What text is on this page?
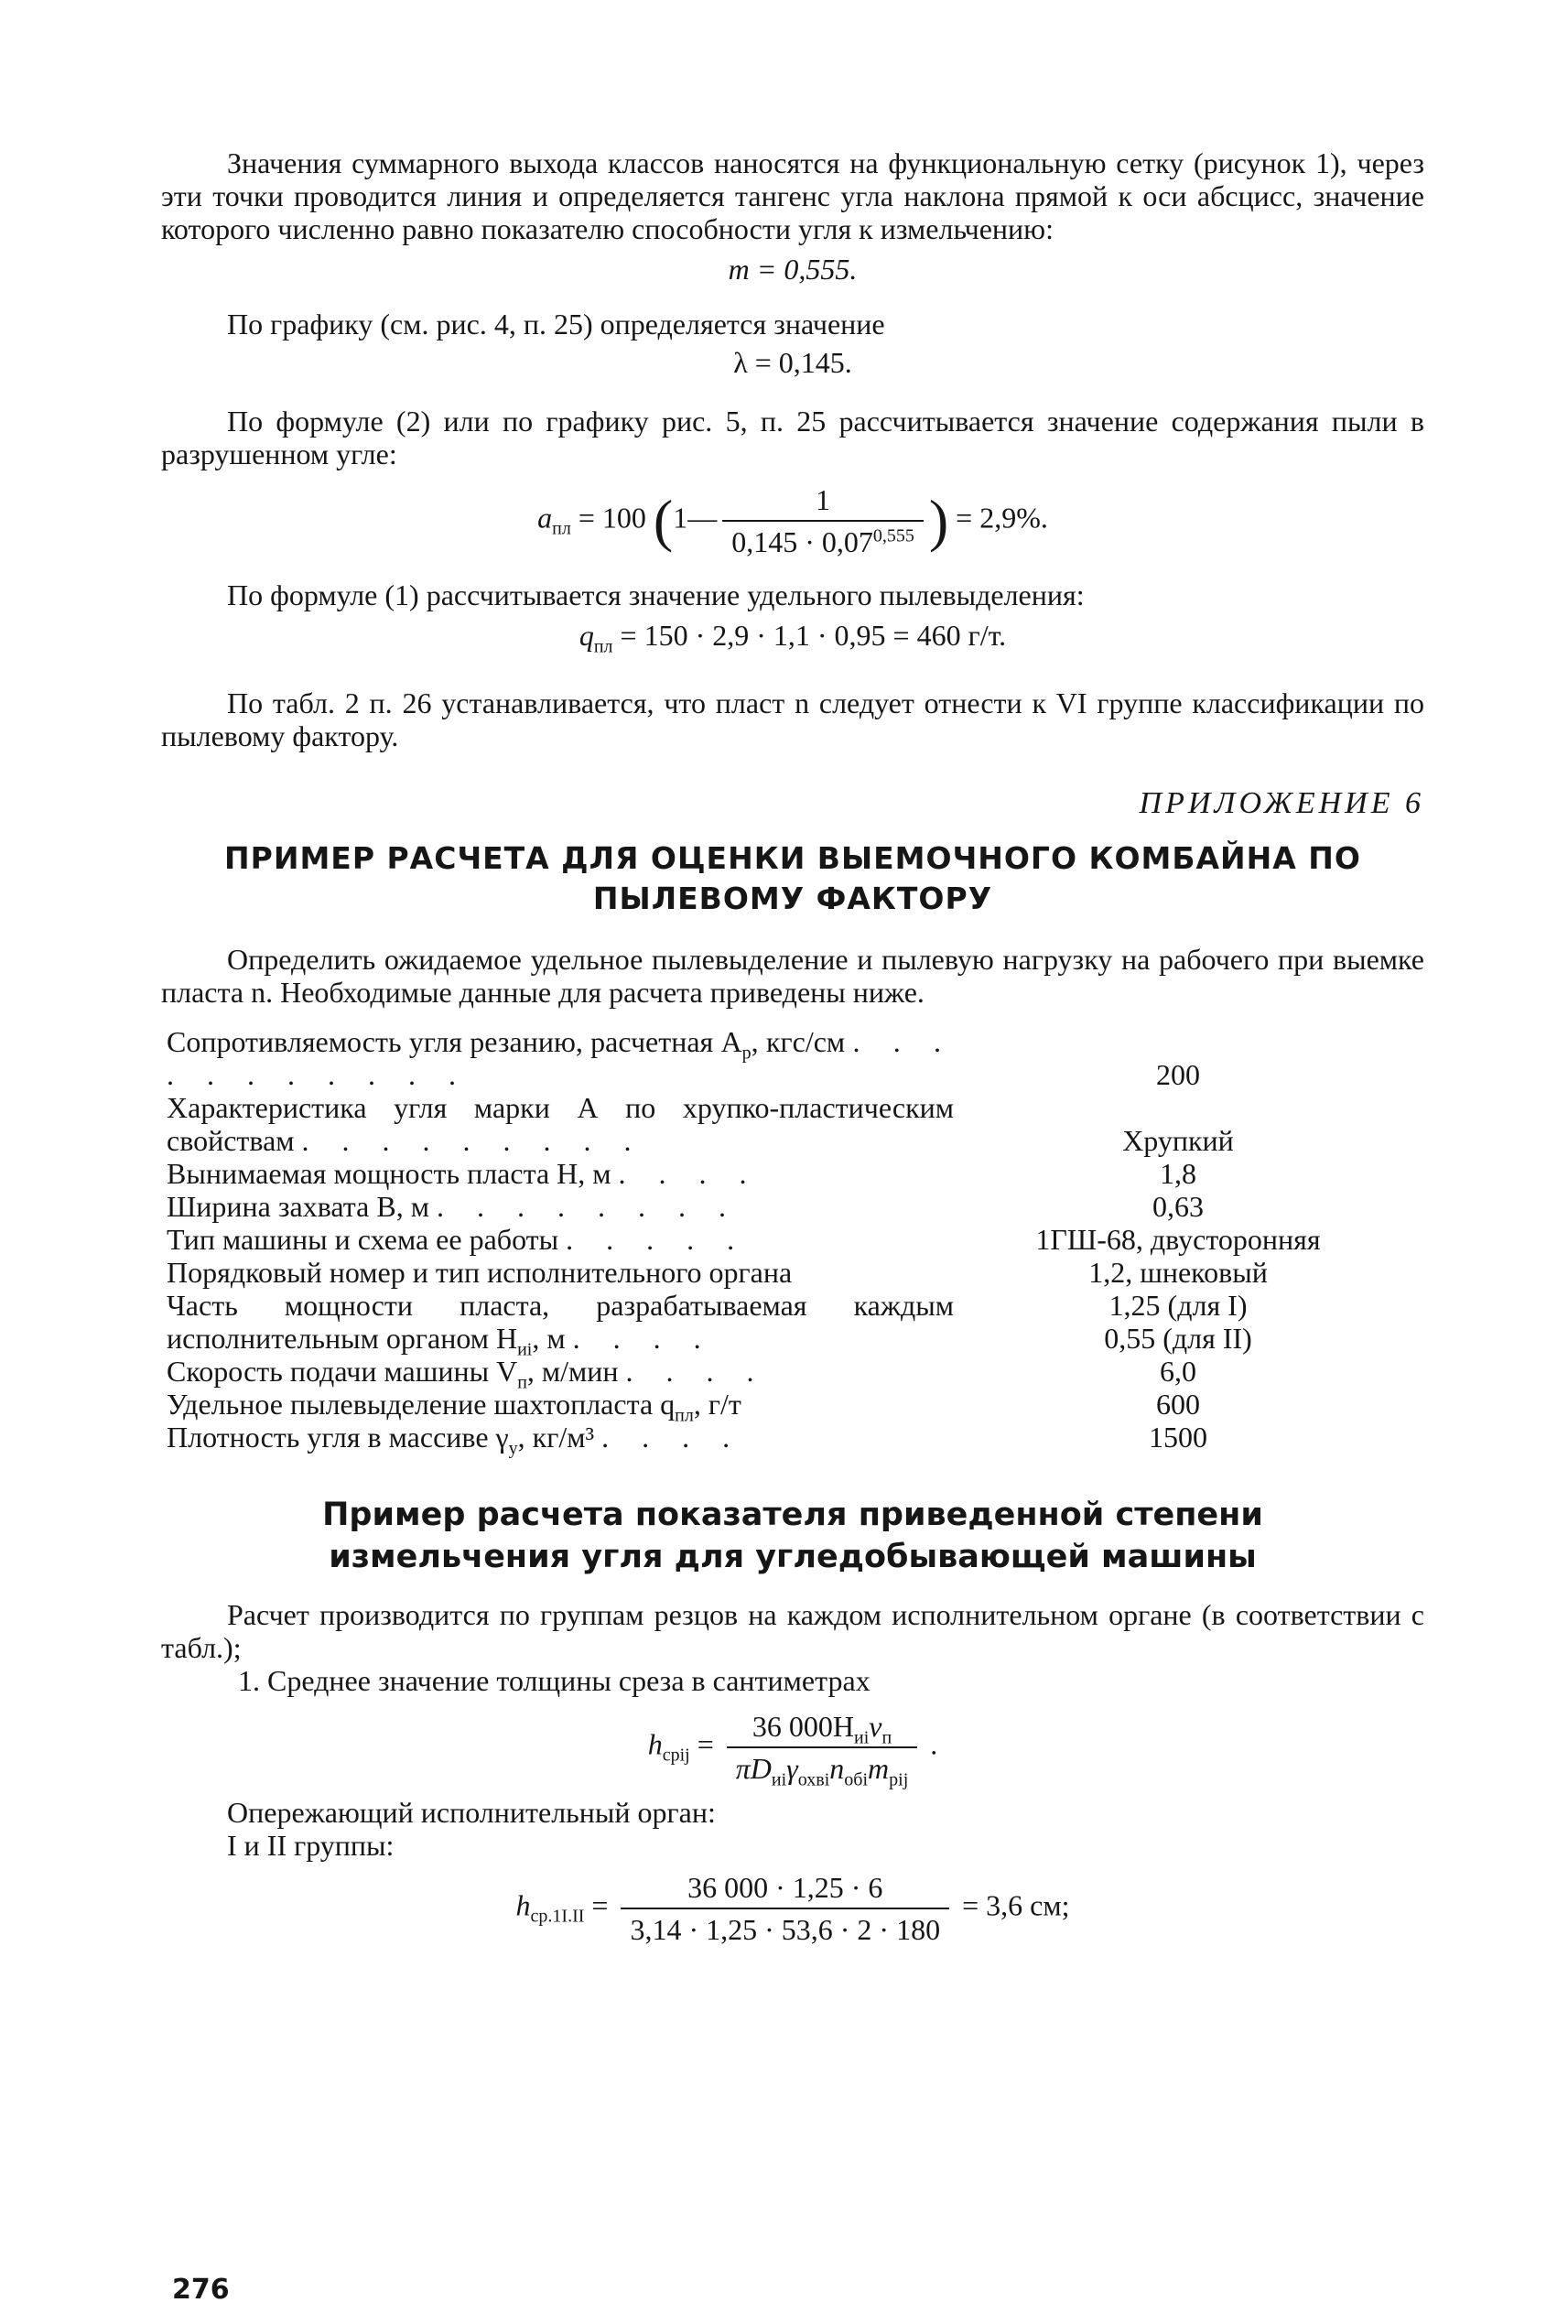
Значения суммарного выхода классов наносятся на функциональную сетку (рисунок 1), через эти точки проводится линия и определяется тангенс угла наклона прямой к оси абсцисс, значение которого численно равно показателю способности угля к измельчению:

m = 0,555.

По графику (см. рис. 4, п. 25) определяется значение

λ = 0,145.

По формуле (2) или по графику рис. 5, п. 25 рассчитывается значение содержания пыли в разрушенном угле:

$a_{пл} = 100$ (1— $\frac{1}{0,145 \cdot 0,07^{0,555}}$ ) = 2,9%.

По формуле (1) рассчитывается значение удельного пылевыделения:

$q_{пл} = 150 \cdot 2,9 \cdot 1,1 \cdot 0,95 = 460$ г/т.

По табл. 2 п. 26 устанавливается, что пласт n следует отнести к VI группе классификации по пылевому фактору.

ПРИЛОЖЕНИЕ 6
ПРИМЕР РАСЧЕТА ДЛЯ ОЦЕНКИ ВЫЕМОЧНОГО КОМБАЙНА ПО
ПЫЛЕВОМУ ФАКТОРУ

Определить ожидаемое удельное пылевыделение и пылевую нагрузку на рабочего при выемке пласта n. Необходимые данные для расчета приведены ниже.

Сопротивляемость угля резанию, расчетная $A_р$, кгс/см . . . . . . . . . . .	200
Характеристика угля марки А по хрупко-пластическим свойствам . . . . . . . . .	Хрупкий
Вынимаемая мощность пласта H, м . . . .	1,8
Ширина захвата B, м . . . . . . . .	0,63
Тип машины и схема ее работы . . . . .	1ГШ-68, двусторонняя
Порядковый номер и тип исполнительного органа	1,2, шнековый
Часть мощности пласта, разрабатываемая каждым исполнительным органом $H_{иi}$, м . . . .	1,25 (для I)
0,55 (для II)
Скорость подачи машины $V_п$, м/мин . . . .	6,0
Удельное пылевыделение шахтопласта $q_{пл}$, г/т	600
Плотность угля в массиве $\gamma_у$, кг/м³ . . . .	1500
Пример расчета показателя приведенной степени
измельчения угля для угледобывающей машины

Расчет производится по группам резцов на каждом исполнительном органе (в соответствии с табл.);

1. Среднее значение толщины среза в сантиметрах

$h_{cpij} = \frac{36 000H_{иi}v_п}{\pi D_{иi}\gamma_{охвi}n_{обi}m_{pij}}$ .

Опережающий исполнительный орган:

I и II группы:

$h_{cp.1I.II} = \frac{36 000 \cdot 1,25 \cdot 6}{3,14 \cdot 1,25 \cdot 53,6 \cdot 2 \cdot 180} = 3,6$ см;
276
